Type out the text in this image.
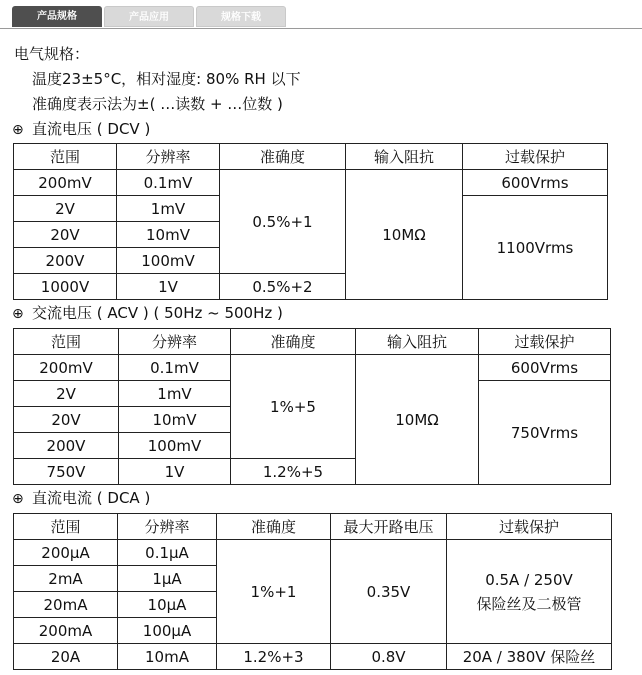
产品规格	产品应用	规格下载
电气规格：
温度23±5°C，相对湿度: 80% RH 以下
准确度表示法为±( …读数 + …位数 )
⊕ 直流电压 ( DCV )
范围	分辨率	准确度	输入阻抗	过载保护
200mV	0.1mV	0.5%+1	10MΩ	600Vrms
2V	1mV			1100Vrms
20V	10mV			
200V	100mV			
1000V	1V	0.5%+2		
⊕ 交流电压 ( ACV ) ( 50Hz ~ 500Hz )
范围	分辨率	准确度	输入阻抗	过载保护
200mV	0.1mV	1%+5	10MΩ	600Vrms
2V	1mV			750Vrms
20V	10mV			
200V	100mV			
750V	1V	1.2%+5		
⊕ 直流电流 ( DCA )
范围	分辨率	准确度	最大开路电压	过载保护
200μA	0.1μA	1%+1	0.35V	0.5A / 250V
保险丝及二极管

2mA	1μA			
20mA	10μA			
200mA	100μA			
20A	10mA	1.2%+3	0.8V	20A / 380V 保险丝
